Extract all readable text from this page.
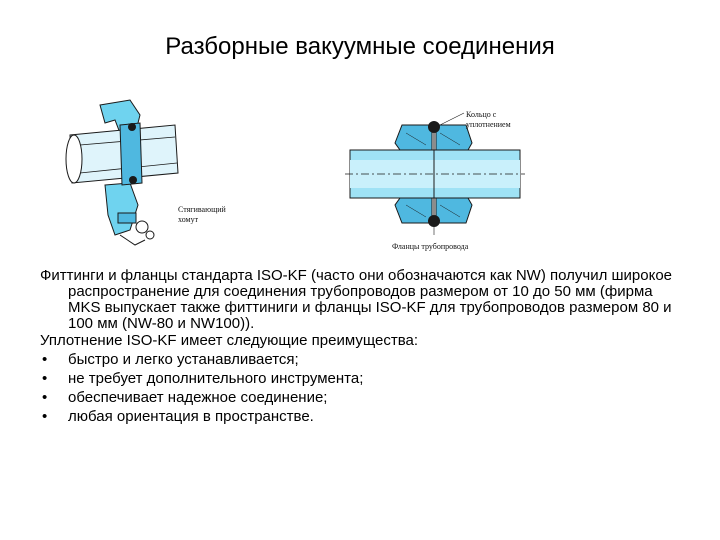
Разборные вакуумные соединения
Стягивающий
хомут
Кольцо с
уплотнением
Фланцы трубопровода

Фиттинги и фланцы стандарта ISO-KF (часто они обозначаются как NW) получил широкое распространение для соединения трубопроводов размером от 10 до 50 мм (фирма MKS выпускает также фиттиниги и фланцы ISO-KF для трубопроводов размером 80 и 100 мм (NW-80 и NW100)).

Уплотнение ISO-KF имеет следующие преимущества:

• быстро и легко устанавливается;
• не требует дополнительного инструмента;
• обеспечивает надежное соединение;
• любая ориентация в пространстве.
